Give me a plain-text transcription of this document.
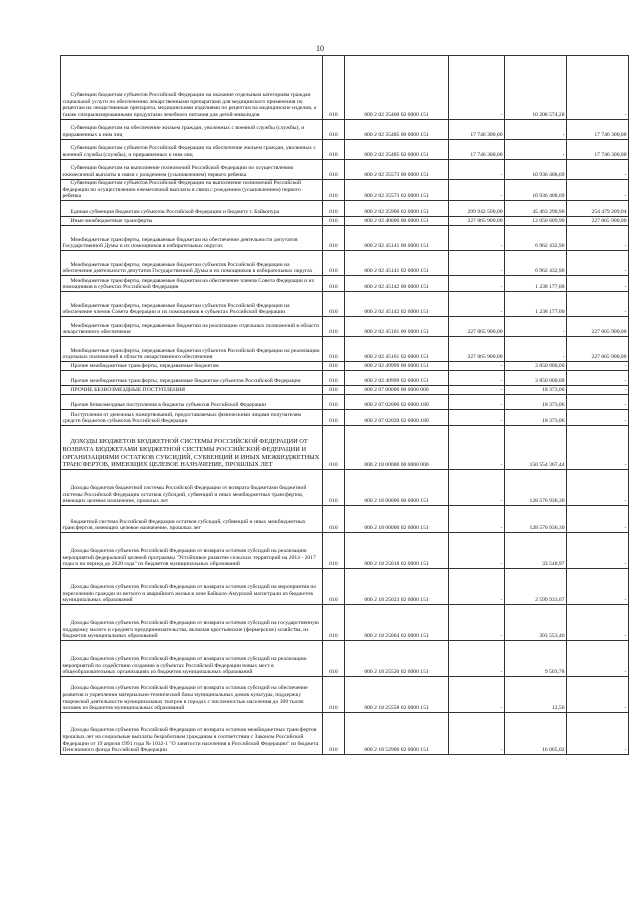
10
Субвенции бюджетам субъектов Российской Федерации на оказание отдельным категориям граждан социальной услуги по обеспечению лекарственными препаратами для медицинского применения по рецептам на лекарственные препараты, медицинскими изделиями по рецептам на медицинские изделия, а также специализированными продуктами лечебного питания для детей-инвалидов	010	000 2 02 35460 02 0000 151	-	10 208 574,28	-

Субвенции бюджетам на обеспечение жильем граждан, уволенных с военной службы (службы), и приравненных к ним лиц	010	000 2 02 35485 00 0000 151	17 746 300,00	-	17 746 300,00

Субвенции бюджетам субъектов Российской Федерации на обеспечение жильем граждан, уволенных с военной службы (службы), и приравненных к ним лиц	010	000 2 02 35485 02 0000 151	17 746 300,00	-	17 746 300,00

Субвенции бюджетам на выполнение полномочий Российской Федерации по осуществлению ежемесячной выплаты в связи с рождением (усыновлением) первого ребенка	010	000 2 02 35573 00 0000 151	-	10 936 408,69	-

Субвенции бюджетам субъектов Российской Федерации на выполнение полномочий Российской Федерации по осуществлению ежемесячной выплаты в связи с рождением (усыновлением) первого ребенка	010	000 2 02 35573 02 0000 151	-	10 936 408,69	-

Единая субвенция бюджетам субъектов Российской Федерации и бюджету г. Байконура	010	000 2 02 35900 02 0000 151	299 942 500,00	45 463 290,96	254 479 209,04

Иные межбюджетные трансферты	010	000 2 02 40000 00 0000 151	227 065 900,00	12 050 609,90	227 065 900,00

Межбюджетные трансферты, передаваемые бюджетам на обеспечение деятельности депутатов Государственной Думы и их помощников в избирательных округах	010	000 2 02 45141 00 0000 151	-	6 962 432,90	-

Межбюджетные трансферты, передаваемые бюджетам субъектов Российской Федерации на обеспечение деятельности депутатов Государственной Думы и их помощников в избирательных округах	010	000 2 02 45141 02 0000 151	-	6 962 432,90	-

Межбюджетные трансферты, передаваемые бюджетам на обеспечение членов Совета Федерации и их помощников в субъектах Российской Федерации	010	000 2 02 45142 00 0000 151	-	1 238 177,00	-

Межбюджетные трансферты, передаваемые бюджетам субъектов Российской Федерации на обеспечение членов Совета Федерации и их помощников в субъектах Российской Федерации	010	000 2 02 45142 02 0000 151	-	1 238 177,00	-

Межбюджетные трансферты, передаваемые бюджетам на реализацию отдельных полномочий в области лекарственного обеспечения	010	000 2 02 45161 00 0000 151	227 065 900,00	-	227 065 900,00

Межбюджетные трансферты, передаваемые бюджетам субъектов Российской Федерации на реализацию отдельных полномочий в области лекарственного обеспечения	010	000 2 02 45161 02 0000 151	227 065 900,00	-	227 065 900,00

Прочие межбюджетные трансферты, передаваемые бюджетам	010	000 2 02 49999 00 0000 151	-	3 850 000,00	-

Прочие межбюджетные трансферты, передаваемые бюджетам субъектов Российской Федерации	010	000 2 02 49999 02 0000 151	-	3 850 000,00	-

ПРОЧИЕ БЕЗВОЗМЕЗДНЫЕ ПОСТУПЛЕНИЯ	010	000 2 07 00000 00 0000 000	-	18 373,06	-

Прочие безвозмездные поступления в бюджеты субъектов Российской Федерации	010	000 2 07 02000 02 0000 180	-	18 373,06	-

Поступления от денежных пожертвований, предоставляемых физическими лицами получателям средств бюджетов субъектов Российской Федерации	010	000 2 07 02020 02 0000 180	-	18 373,06	-

ДОХОДЫ БЮДЖЕТОВ БЮДЖЕТНОЙ СИСТЕМЫ РОССИЙСКОЙ ФЕДЕРАЦИИ ОТ ВОЗВРАТА БЮДЖЕТАМИ БЮДЖЕТНОЙ СИСТЕМЫ РОССИЙСКОЙ ФЕДЕРАЦИИ И ОРГАНИЗАЦИЯМИ ОСТАТКОВ СУБСИДИЙ, СУБВЕНЦИЙ И ИНЫХ МЕЖБЮДЖЕТНЫХ ТРАНСФЕРТОВ, ИМЕЮЩИХ ЦЕЛЕВОЕ НАЗНАЧЕНИЕ, ПРОШЛЫХ ЛЕТ	010	000 2 18 00000 00 0000 000	-	150 554 367,44	-

Доходы бюджетов бюджетной системы Российской Федерации от возврата бюджетами бюджетной системы Российской Федерации остатков субсидий, субвенций и иных межбюджетных трансфертов, имеющих целевое назначение, прошлых лет	010	000 2 18 00000 00 0000 151	-	128 576 936,30	-

бюджетной система Российской Федерации остатков субсидий, субвенций и иных межбюджетных трансфертов, имеющих целевое назначение, прошлых лет	010	000 2 18 00000 02 0000 151	-	128 576 936,30	-

Доходы бюджетов субъектов Российской Федерации от возврата остатков субсидий на реализацию мероприятий федеральной целевой программы "Устойчивое развитие сельских территорий на 2014 - 2017 годы и на период до 2020 года" из бюджетов муниципальных образований	010	000 2 18 25018 02 0000 151	-	33 548,97	-

Доходы бюджетов субъектов Российской Федерации от возврата остатков субсидий на мероприятия по переселению граждан из ветхого и аварийного жилья в зоне Байкало-Амурской магистрали из бюджетов муниципальных образований	010	000 2 18 25023 02 0000 151	-	2 599 933,67	-

Доходы бюджетов субъектов Российской Федерации от возврата остатков субсидий на государственную поддержку малого и среднего предпринимательства, включая крестьянские (фермерские) хозяйства, из бюджетов муниципальных образований	010	000 2 18 25064 02 0000 151	-	393 553,46	-

Доходы бюджетов субъектов Российской Федерации от возврата остатков субсидий на реализацию мероприятий по содействию созданию в субъектах Российской Федерации новых мест в общеобразовательных организациях из бюджетов муниципальных образований	010	000 2 18 25520 02 0000 151	-	9 503,78	-

Доходы бюджетов субъектов Российской Федерации от возврата остатков субсидий на обеспечение развития и укрепления материально-технической базы муниципальных домов культуры, поддержку творческой деятельности муниципальных театров в городах с численностью населения до 300 тысяч человек из бюджетов муниципальных образований	010	000 2 18 25558 02 0000 151	-	12,56	-

Доходы бюджетов субъектов Российской Федерации от возврата остатков межбюджетных трансфертов прошлых лет на социальные выплаты безработным гражданам в соответствии с Законом Российской Федерации от 19 апреля 1991 года № 1032-1 "О занятости населения в Российской Федерации" из бюджета Пенсионного фонда Российской Федерации	010	000 2 18 52900 02 0000 151	-	16 005,02	-
